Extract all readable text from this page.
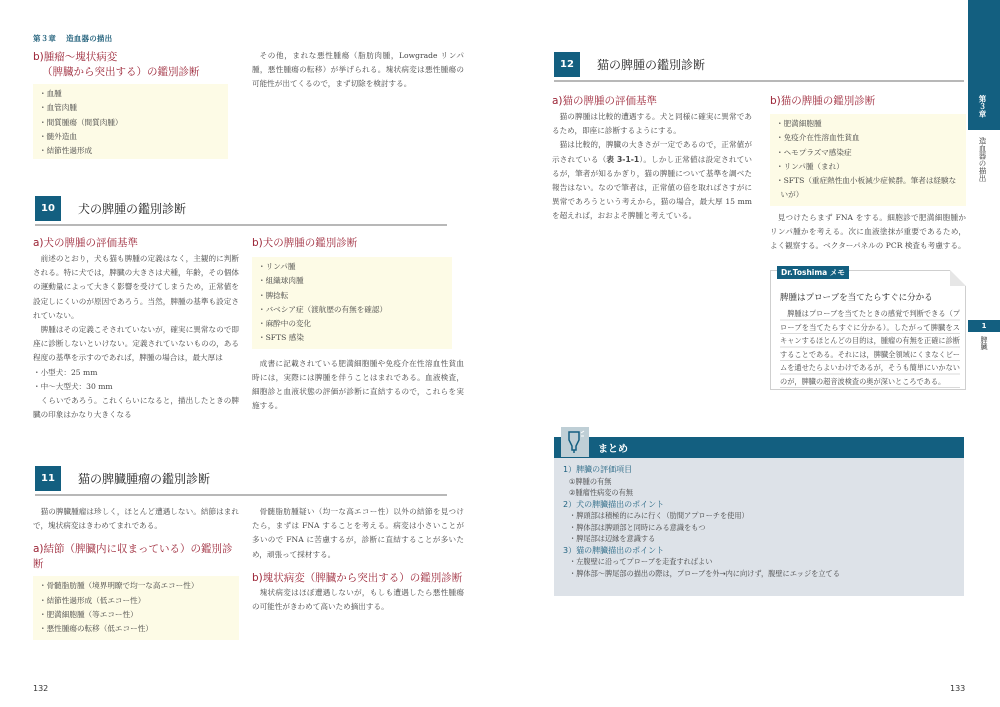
第３章 造血器の描出
b)腫瘤～塊状病変
（脾臓から突出する）の鑑別診断
・血腫
・血管肉腫
・間質腫瘍（間質肉腫）
・髄外造血
・結節性過形成

その他，まれな悪性腫瘍（脂肪肉腫，Lowgrade リンパ腫，悪性腫瘍の転移）が挙げられる。塊状病変は悪性腫瘍の可能性が出てくるので，まず切除を検討する。

10	犬の脾腫の鑑別診断
a)犬の脾腫の評価基準

前述のとおり，犬も猫も脾腫の定義はなく，主観的に判断される。特に犬では，脾臓の大きさは犬種，年齢，その個体の運動量によって大きく影響を受けてしまうため，正常値を設定しにくいのが原因であろう。当然，脾腫の基準も設定されていない。

脾腫はその定義こそされていないが，確実に異常なので即座に診断しないといけない。定義されていないものの，ある程度の基準を示すのであれば，脾腫の場合は，最大厚は

・小型犬：25 mm

・中～大型犬：30 mm

くらいであろう。これくらいになると，描出したときの脾臓の印象はかなり大きくなる

b)犬の脾腫の鑑別診断
・リンパ腫
・組織球肉腫
・脾捻転
・バベシア症（渡航歴の有無を確認）
・麻酔中の変化
・SFTS 感染

成書に記載されている肥満細胞腫や免疫介在性溶血性貧血時には，実際には脾腫を伴うことはまれである。血液検査，細胞診と血液状態の評価が診断に直結するので，これらを実施する。

11	猫の脾臓腫瘤の鑑別診断

猫の脾臓腫瘤は珍しく，ほとんど遭遇しない。結節はまれで，塊状病変はきわめてまれである。

a)結節（脾臓内に収まっている）の鑑別診断
・骨髄脂肪腫（境界明瞭で均一な高エコー性）
・結節性過形成（低エコー性）
・肥満細胞腫（等エコー性）
・悪性腫瘍の転移（低エコー性）

骨髄脂肪腫疑い（均一な高エコー性）以外の結節を見つけたら，まずは FNA することを考える。病変は小さいことが多いので FNA に苦慮するが，診断に直結することが多いため，頑張って採材する。

b)塊状病変（脾臓から突出する）の鑑別診断

塊状病変はほぼ遭遇しないが，もしも遭遇したら悪性腫瘍の可能性がきわめて高いため摘出する。

132
12	猫の脾腫の鑑別診断
a)猫の脾腫の評価基準

猫の脾腫は比較的遭遇する。犬と同様に確実に異常であるため，即座に診断するようにする。

猫は比較的，脾臓の大きさが一定であるので，正常値が示されている（表 3-1-1）。しかし正常値は設定されているが，筆者が知るかぎり，猫の脾腫について基準を調べた報告はない。なので筆者は，正常値の倍を取ればさすがに異常であろうという考えから，猫の場合，最大厚 15 mm を超えれば，おおよそ脾腫と考えている。

b)猫の脾腫の鑑別診断
・肥満細胞腫
・免疫介在性溶血性貧血
・ヘモプラズマ感染症
・リンパ腫（まれ）
・SFTS（重症熱性血小板減少症候群。筆者は経験ないが）

見つけたらまず FNA をする。細胞診で肥満細胞腫かリンパ腫かを考える。次に血液塗抹が重要であるため，よく観察する。ベクターパネルの PCR 検査も考慮する。

Dr.Toshima メモ
脾腫はプローブを当てたらすぐに分かる
脾腫はプローブを当てたときの感覚で判断できる（プローブを当てたらすぐに分かる）。したがって脾臓をスキャンするほとんどの目的は，腫瘤の有無を正確に診断することである。それには，脾臓全領域にくまなくビームを通せたらよいわけであるが，そうも簡単にいかないのが，脾臓の超音波検査の奥が深いところである。
まとめ
1）脾臓の評価項目
①脾腫の有無
②腫瘤性病変の有無
2）犬の脾臓描出のポイント
・脾頭部は積極的にみに行く（肋間アプローチを使用）
・脾体部は脾頭部と同時にみる意識をもつ
・脾尾部は辺縁を意識する
3）猫の脾臓描出のポイント
・左腹壁に沿ってプローブを走査すればよい
・脾体部～脾尾部の描出の際は，プローブを外→内に向けず，腹壁にエッジを立てる
第３章
造血器の描出
1
脾臓
133
